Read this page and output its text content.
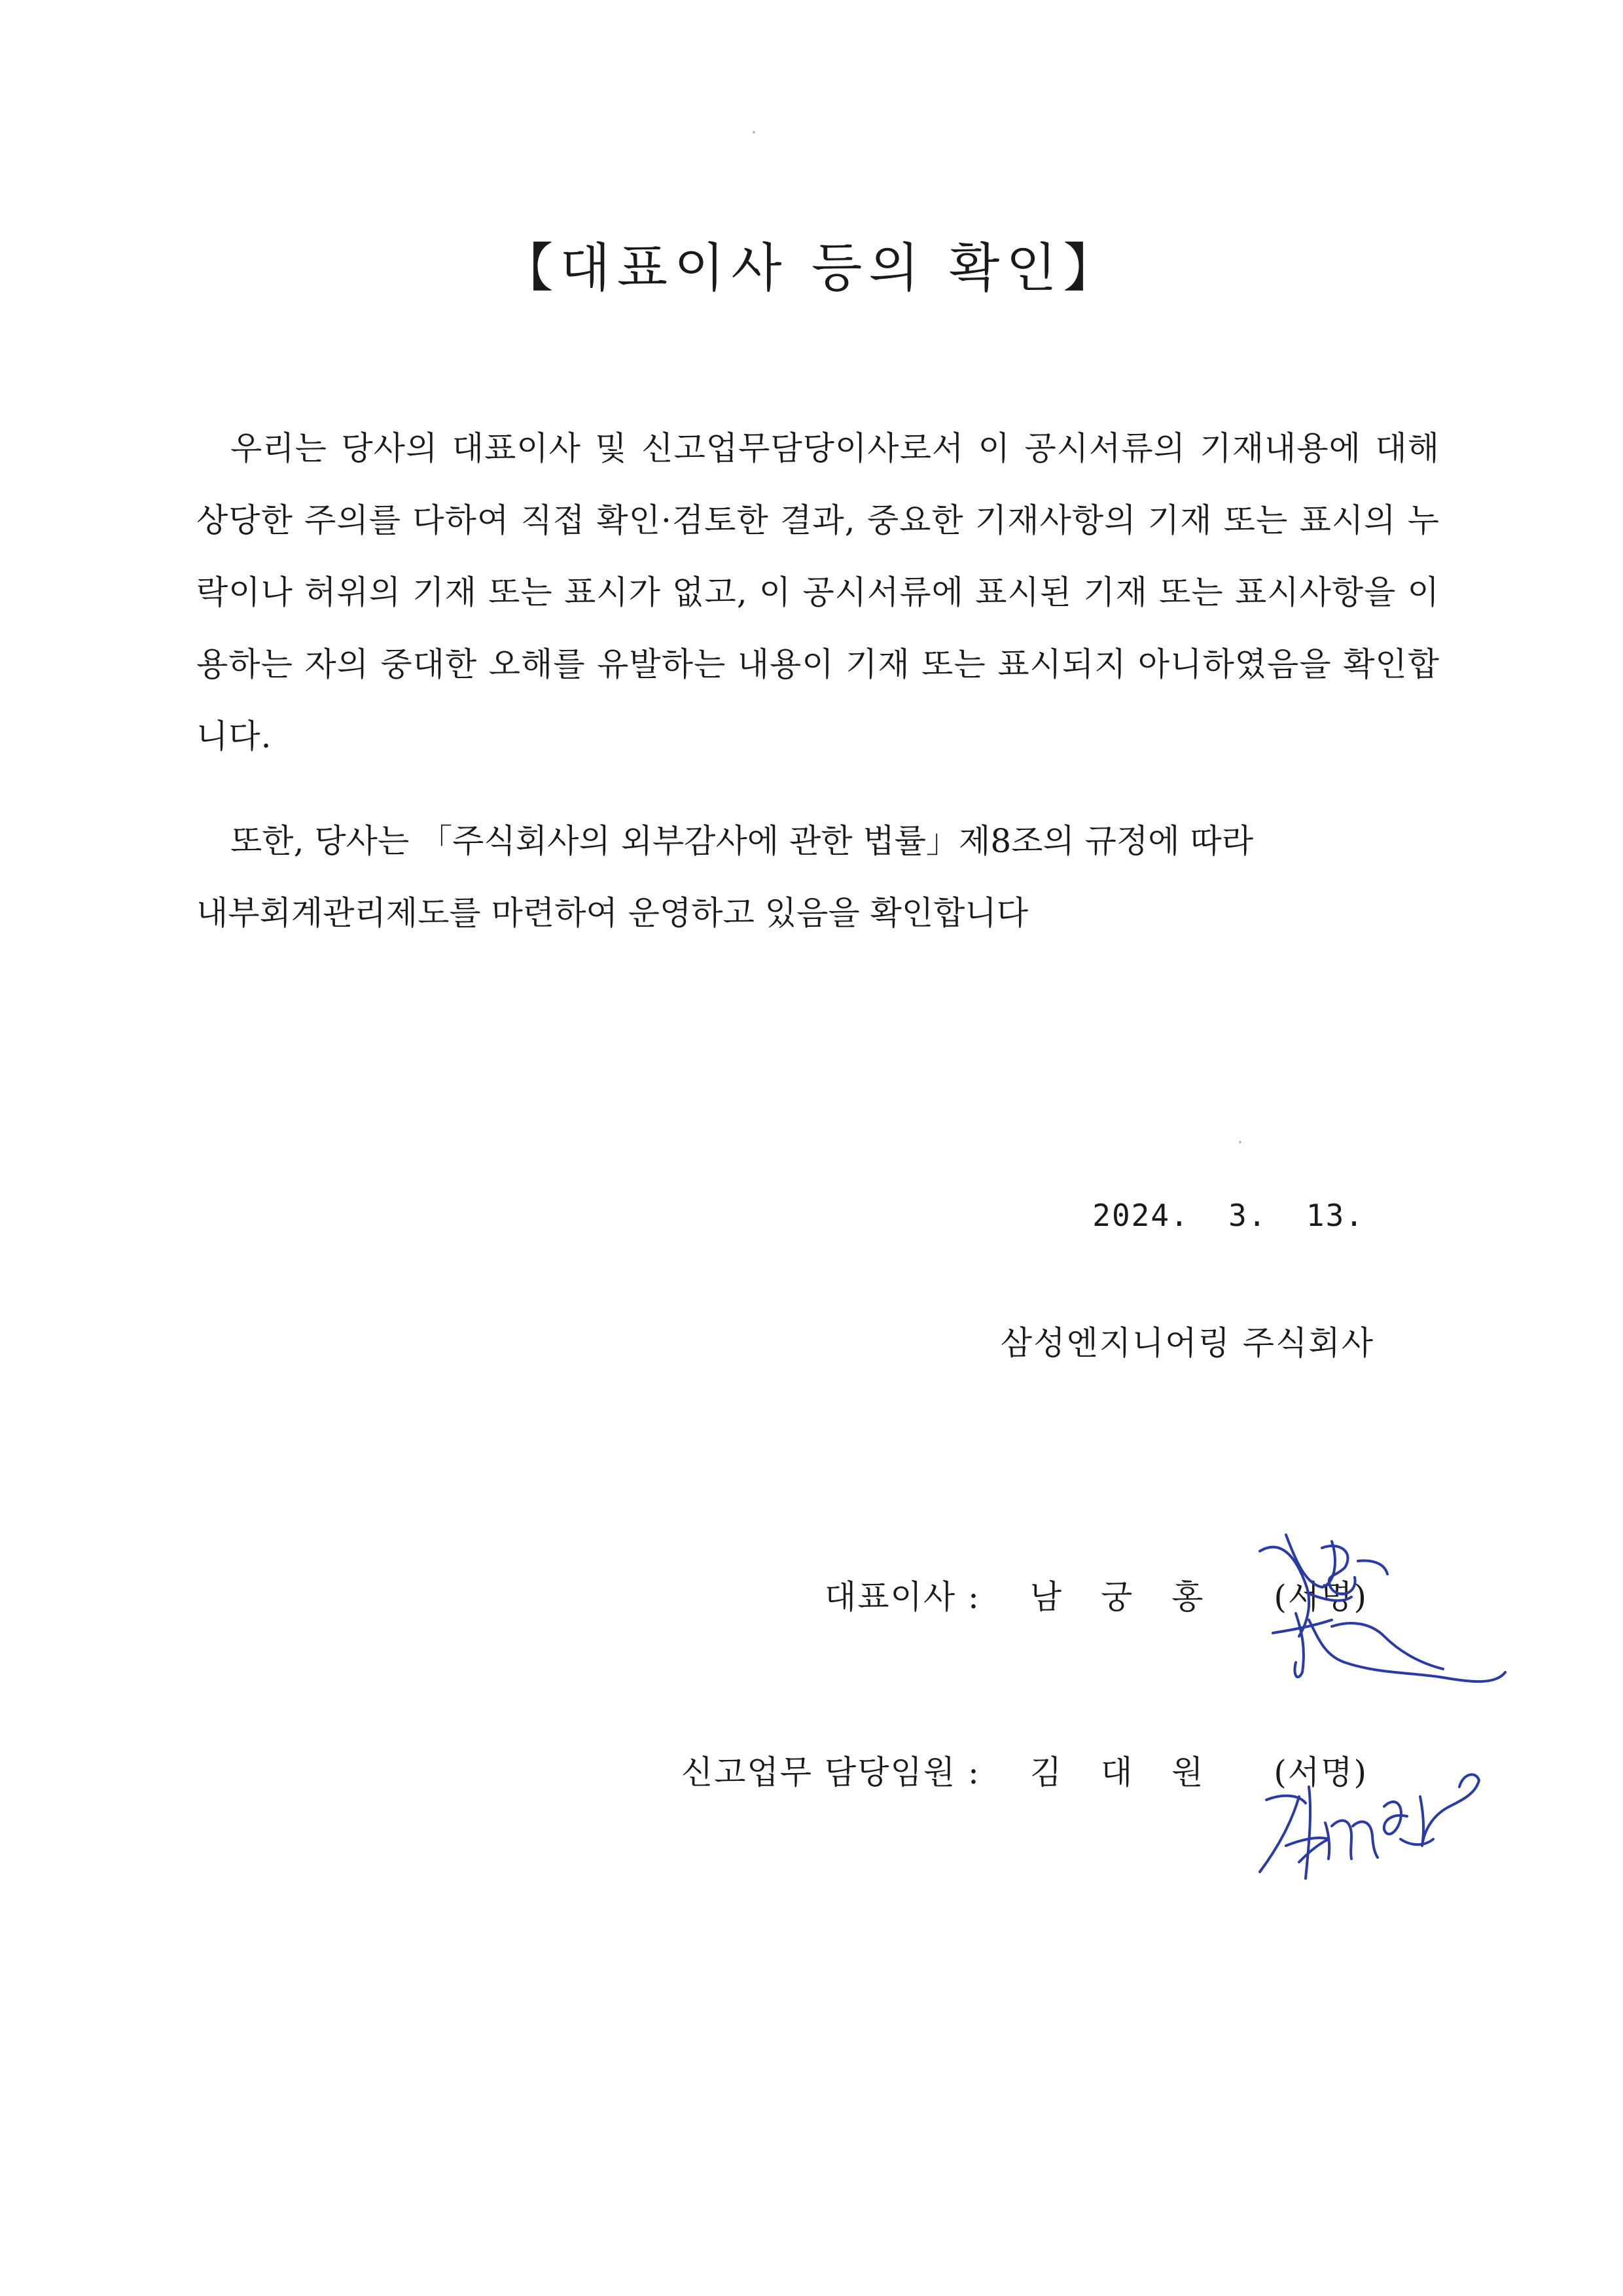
【대표이사 등의 확인】

우리는 당사의 대표이사 및 신고업무담당이사로서 이 공시서류의 기재내용에 대해 상당한 주의를 다하여 직접 확인·검토한 결과, 중요한 기재사항의 기재 또는 표시의 누락이나 허위의 기재 또는 표시가 없고, 이 공시서류에 표시된 기재 또는 표시사항을 이용하는 자의 중대한 오해를 유발하는 내용이 기재 또는 표시되지 아니하였음을 확인합니다.

또한, 당사는 「주식회사의 외부감사에 관한 법률」제8조의 규정에 따라
내부회계관리제도를 마련하여 운영하고 있음을 확인합니다

2024.  3.  13.
삼성엔지니어링 주식회사
대표이사 : 남 궁 홍 (서명)
신고업무 담당임원 : 김 대 원 (서명)
